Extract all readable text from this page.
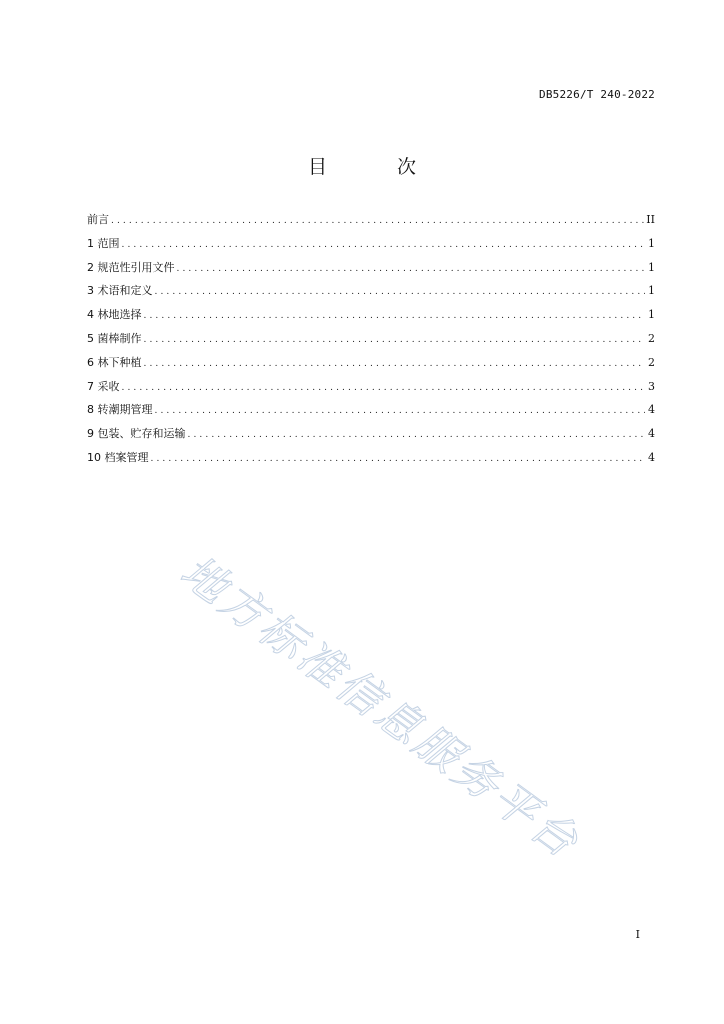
DB5226/T 240-2022
目 次
前言 .....	II
1 范围 .....	1
2 规范性引用文件 .....	1
3 术语和定义 .....	1
4 林地选择 .....	1
5 菌棒制作 .....	2
6 林下种植 .....	2
7 采收 .....	3
8 转潮期管理 .....	4
9 包装、贮存和运输 .....	4
10 档案管理 .....	4
地方标准信息服务平台
I
